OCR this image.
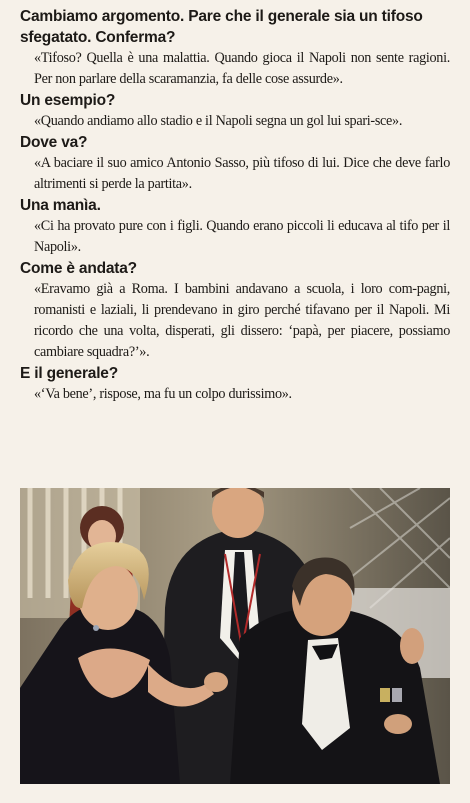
Cambiamo argomento. Pare che il generale sia un tifoso sfegatato. Conferma?

«Tifoso? Quella è una malattia. Quando gioca il Napoli non sente ragioni. Per non parlare della scaramanzia, fa delle cose assurde».

Un esempio?

«Quando andiamo allo stadio e il Napoli segna un gol lui spari-sce».

Dove va?

«A baciare il suo amico Antonio Sasso, più tifoso di lui. Dice che deve farlo altrimenti si perde la partita».

Una manìa.

«Ci ha provato pure con i figli. Quando erano piccoli li educava al tifo per il Napoli».

Come è andata?

«Eravamo già a Roma. I bambini andavano a scuola, i loro com-pagni, romanisti e laziali, li prendevano in giro perché tifavano per il Napoli. Mi ricordo che una volta, disperati, gli dissero: ‘papà, per piacere, possiamo cambiare squadra?’».

E il generale?

«‘Va bene’, rispose, ma fu un colpo durissimo».
